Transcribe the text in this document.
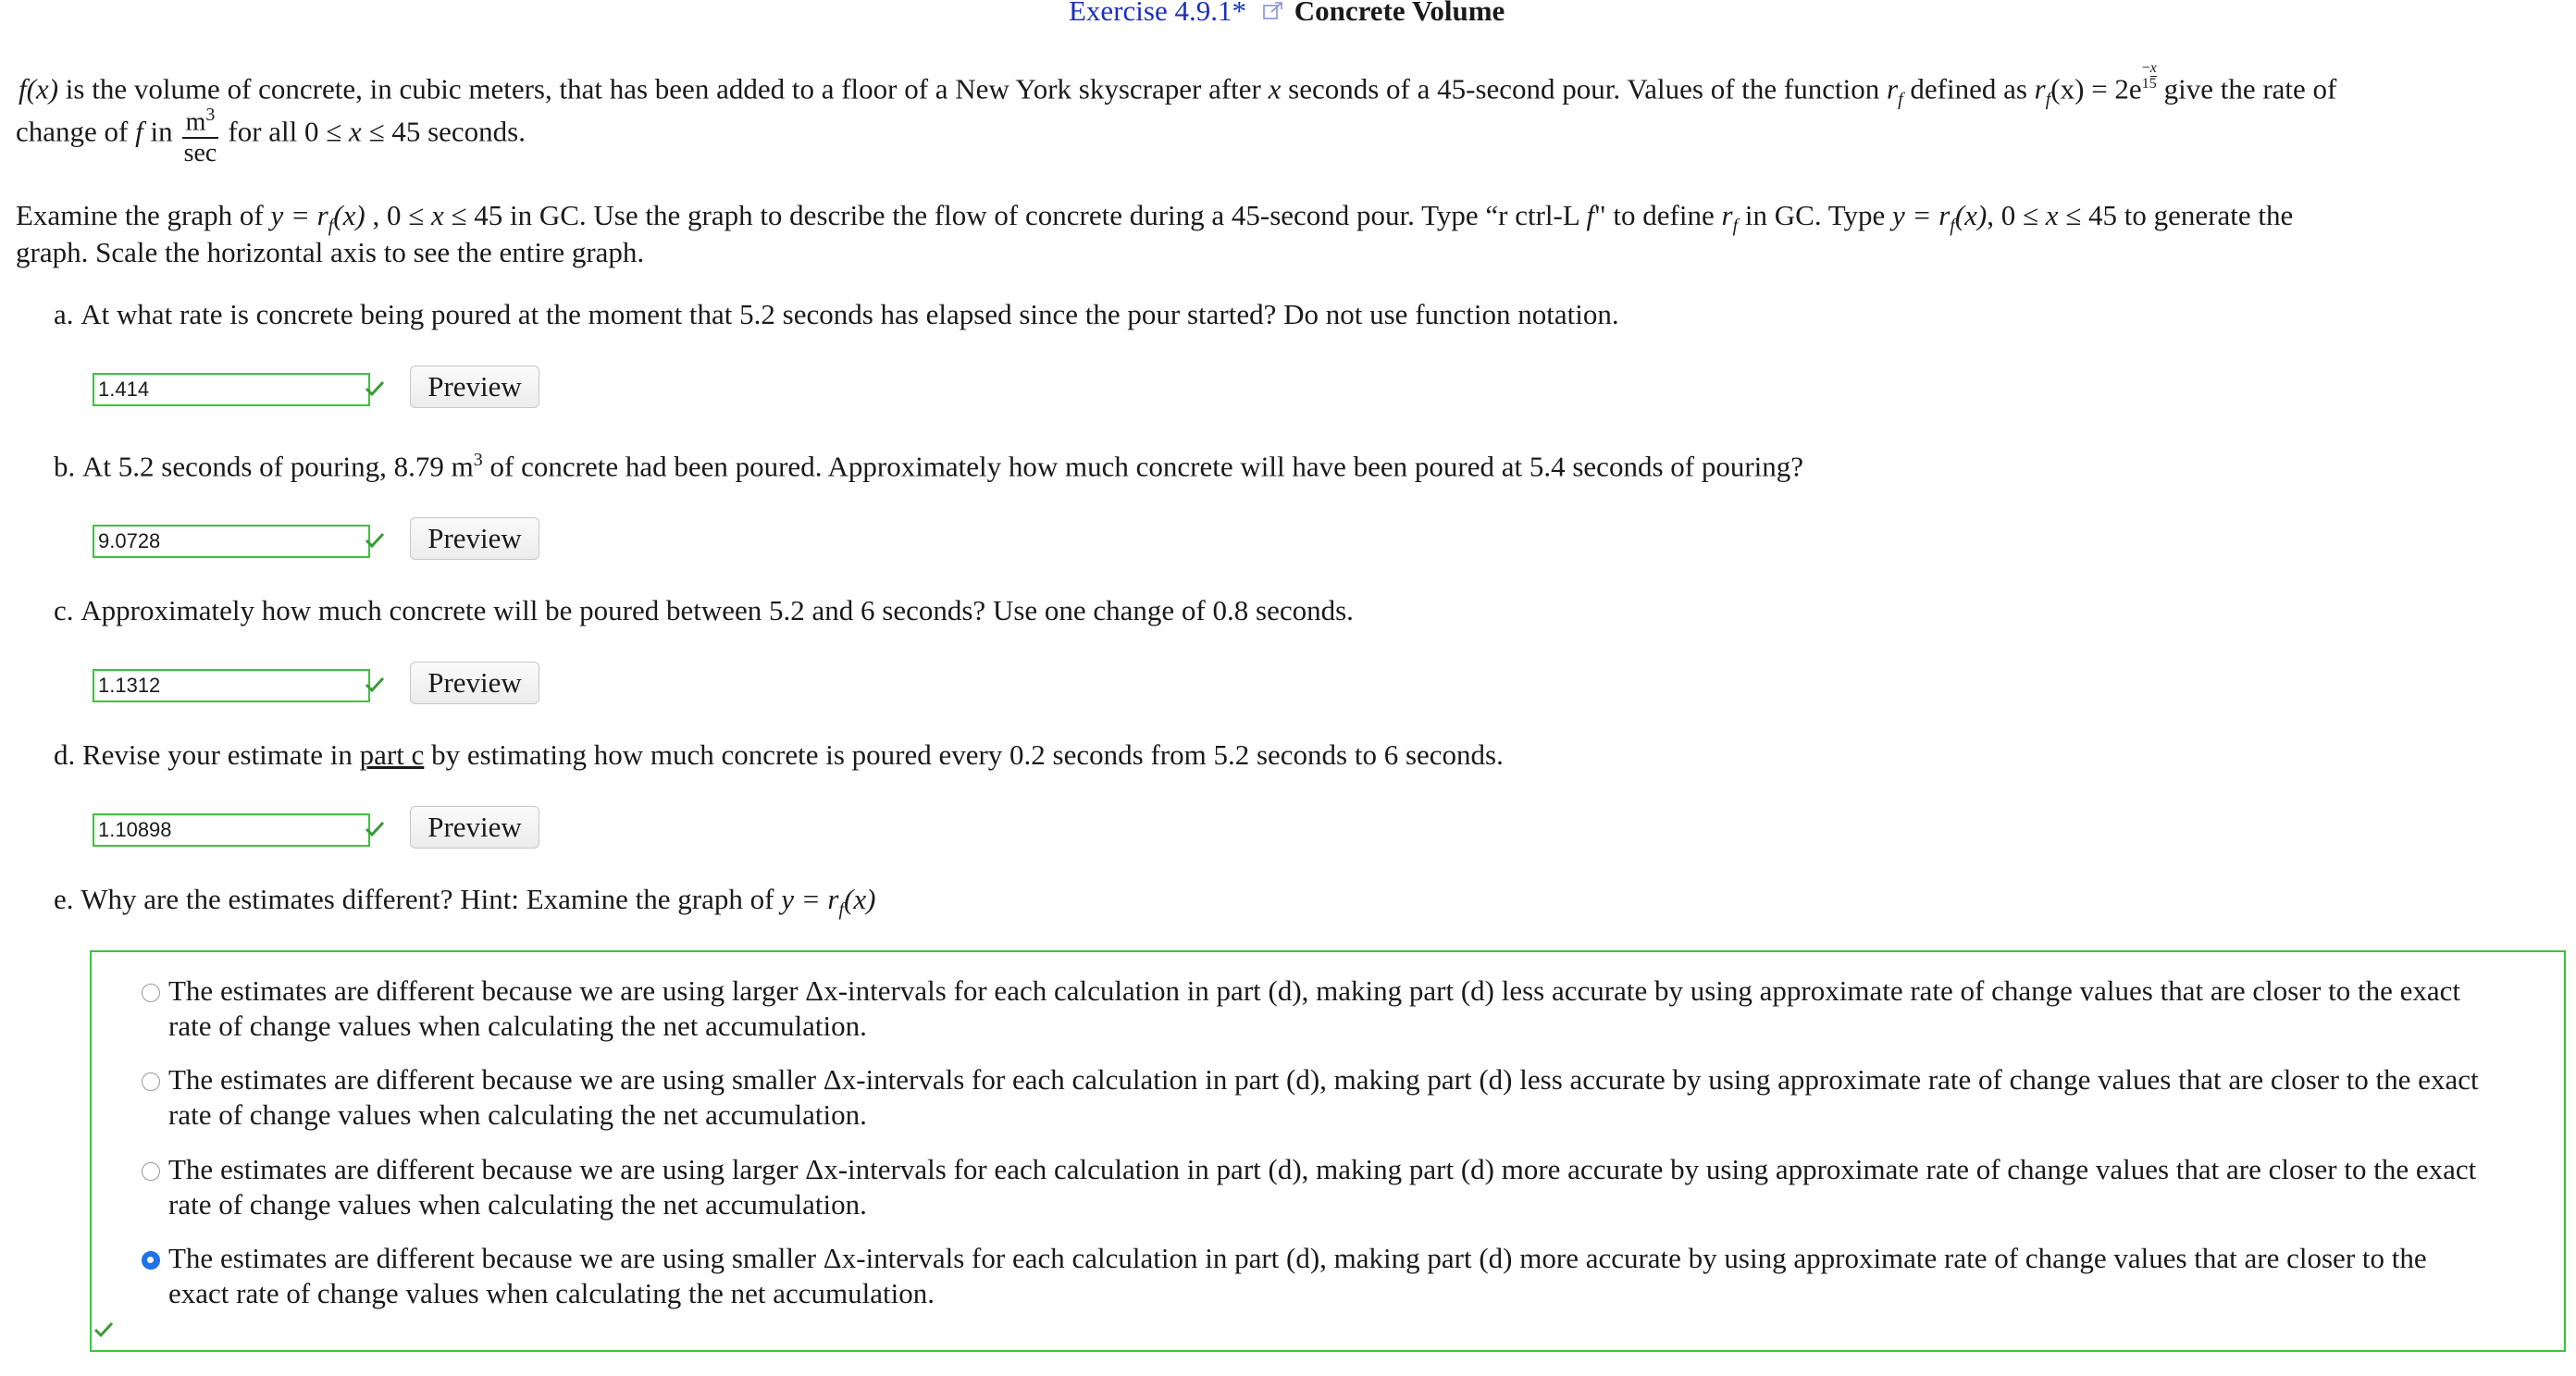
Exercise 4.9.1* Concrete Volume
f(x) is the volume of concrete, in cubic meters, that has been added to a floor of a New York skyscraper after x seconds of a 45-second pour. Values of the function $r_f$ defined as $r_f(x) = 2e-x$
15 give the rate of
change of f in $\frac{m^3}{\sec}$ for all 0 ≤ x ≤ 45 seconds.
Examine the graph of $y = r_f(x)$ , 0 ≤ x ≤ 45 in GC. Use the graph to describe the flow of concrete during a 45-second pour. Type “r ctrl-L f" to define $r_f$ in GC. Type $y = r_f(x)$, 0 ≤ x ≤ 45 to generate the
graph. Scale the horizontal axis to see the entire graph.
a. At what rate is concrete being poured at the moment that 5.2 seconds has elapsed since the pour started? Do not use function notation.
1.414	Preview
b. At 5.2 seconds of pouring, 8.79 $m^3$ of concrete had been poured. Approximately how much concrete will have been poured at 5.4 seconds of pouring?
9.0728	Preview
c. Approximately how much concrete will be poured between 5.2 and 6 seconds? Use one change of 0.8 seconds.
1.1312	Preview
d. Revise your estimate in part c by estimating how much concrete is poured every 0.2 seconds from 5.2 seconds to 6 seconds.
1.10898	Preview
e. Why are the estimates different? Hint: Examine the graph of $y = r_f(x)$
The estimates are different because we are using larger Δx-intervals for each calculation in part (d), making part (d) less accurate by using approximate rate of change values that are closer to the exact
rate of change values when calculating the net accumulation.
The estimates are different because we are using smaller Δx-intervals for each calculation in part (d), making part (d) less accurate by using approximate rate of change values that are closer to the exact
rate of change values when calculating the net accumulation.
The estimates are different because we are using larger Δx-intervals for each calculation in part (d), making part (d) more accurate by using approximate rate of change values that are closer to the exact
rate of change values when calculating the net accumulation.
The estimates are different because we are using smaller Δx-intervals for each calculation in part (d), making part (d) more accurate by using approximate rate of change values that are closer to the
exact rate of change values when calculating the net accumulation.
